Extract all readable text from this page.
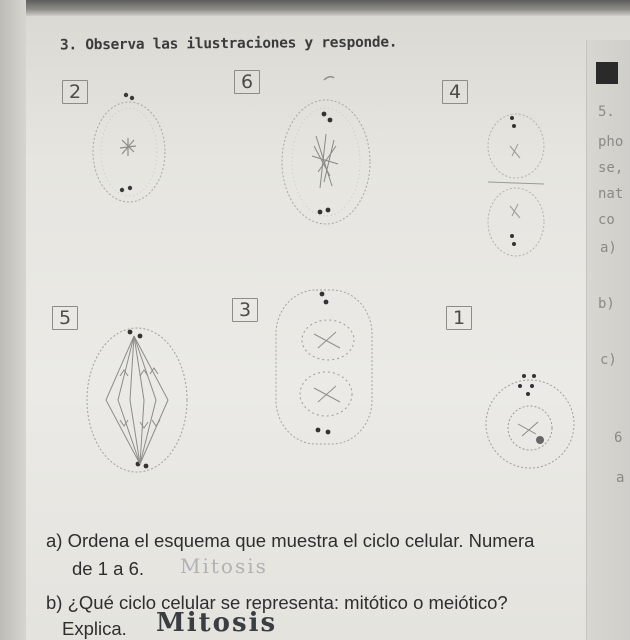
5.
pho
se,
nat
co
a)
b)
c)
6
a
3. Observa las ilustraciones y responde.
2	6	4
5	3	1
a) Ordena el esquema que muestra el ciclo celular. Numera
de 1 a 6.
b) ¿Qué ciclo celular se representa: mitótico o meiótico?
Explica.
Mitosis
Mitosis
